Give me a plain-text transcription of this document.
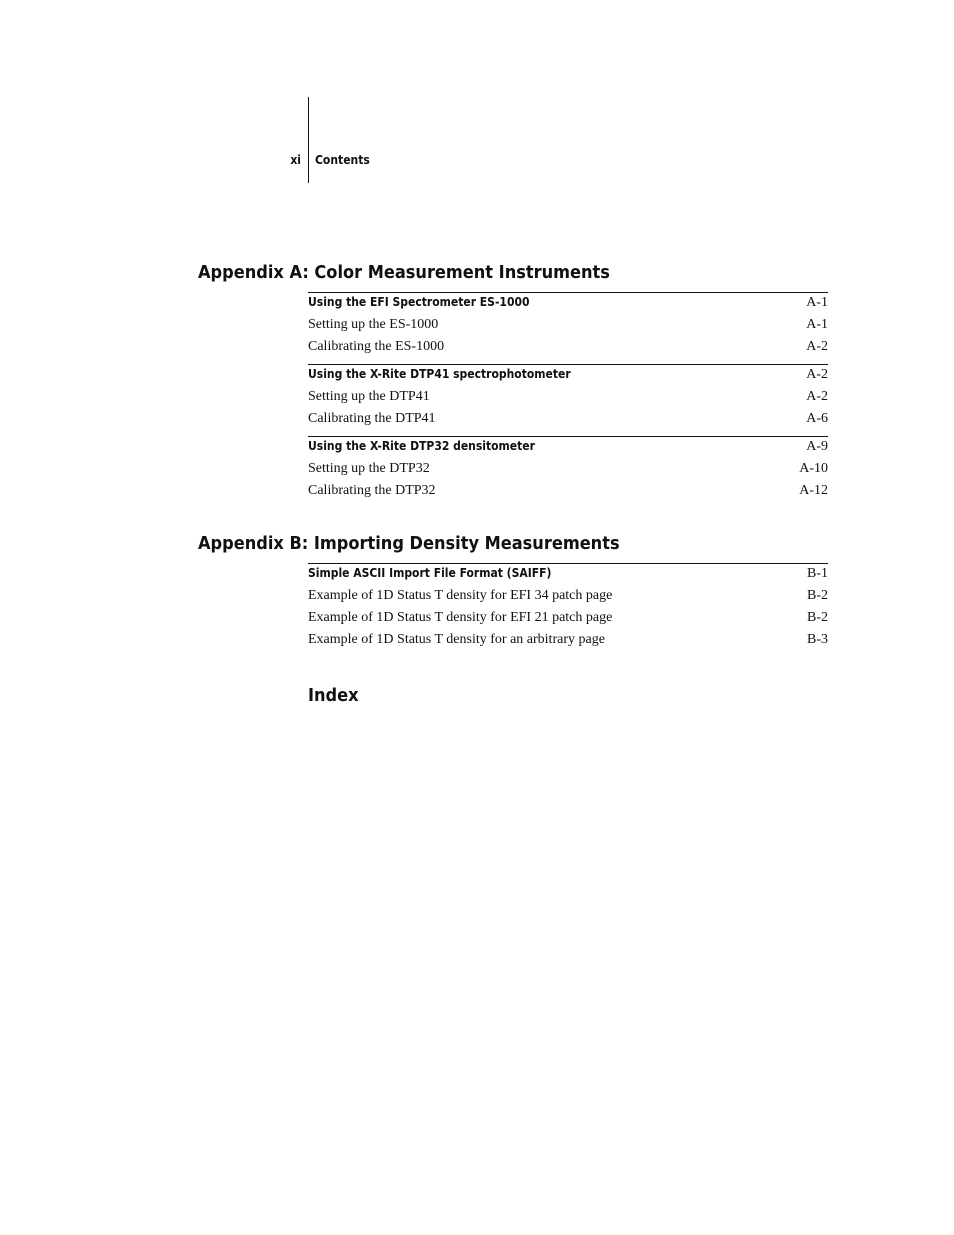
xi Contents
Appendix A: Color Measurement Instruments
Using the EFI Spectrometer ES-1000	A-1
Setting up the ES-1000	A-1
Calibrating the ES-1000	A-2
Using the X-Rite DTP41 spectrophotometer	A-2
Setting up the DTP41	A-2
Calibrating the DTP41	A-6
Using the X-Rite DTP32 densitometer	A-9
Setting up the DTP32	A-10
Calibrating the DTP32	A-12
Appendix B: Importing Density Measurements
Simple ASCII Import File Format (SAIFF)	B-1
Example of 1D Status T density for EFI 34 patch page	B-2
Example of 1D Status T density for EFI 21 patch page	B-2
Example of 1D Status T density for an arbitrary page	B-3
Index
